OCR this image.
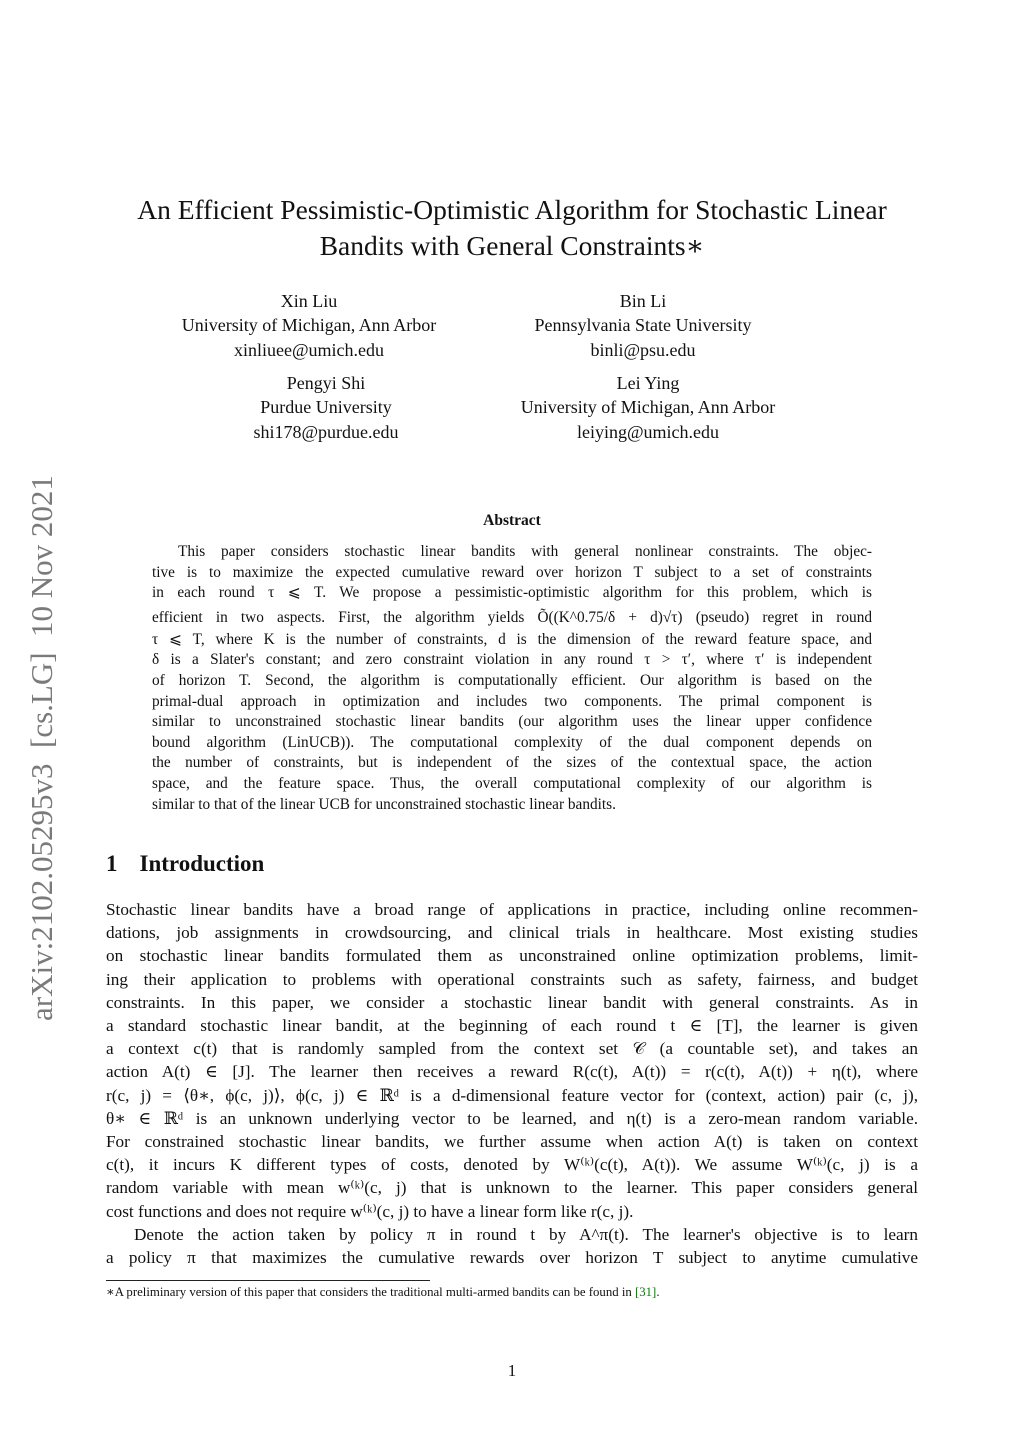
arXiv:2102.05295v3  [cs.LG]  10 Nov 2021
An Efficient Pessimistic-Optimistic Algorithm for Stochastic Linear
Bandits with General Constraints∗
Xin Liu
University of Michigan, Ann Arbor
xinliuee@umich.edu
Bin Li
Pennsylvania State University
binli@psu.edu
Pengyi Shi
Purdue University
shi178@purdue.edu
Lei Ying
University of Michigan, Ann Arbor
leiying@umich.edu
Abstract
This paper considers stochastic linear bandits with general nonlinear constraints. The objec-
tive is to maximize the expected cumulative reward over horizon T subject to a set of constraints
in each round τ ⩽ T. We propose a pessimistic-optimistic algorithm for this problem, which is
efficient in two aspects. First, the algorithm yields Õ((K^0.75/δ + d)√τ) (pseudo) regret in round
τ ⩽ T, where K is the number of constraints, d is the dimension of the reward feature space, and
δ is a Slater's constant; and zero constraint violation in any round τ > τ′, where τ′ is independent
of horizon T. Second, the algorithm is computationally efficient. Our algorithm is based on the
primal-dual approach in optimization and includes two components. The primal component is
similar to unconstrained stochastic linear bandits (our algorithm uses the linear upper confidence
bound algorithm (LinUCB)). The computational complexity of the dual component depends on
the number of constraints, but is independent of the sizes of the contextual space, the action
space, and the feature space. Thus, the overall computational complexity of our algorithm is
similar to that of the linear UCB for unconstrained stochastic linear bandits.
1 Introduction
Stochastic linear bandits have a broad range of applications in practice, including online recommen-
dations, job assignments in crowdsourcing, and clinical trials in healthcare. Most existing studies
on stochastic linear bandits formulated them as unconstrained online optimization problems, limit-
ing their application to problems with operational constraints such as safety, fairness, and budget
constraints. In this paper, we consider a stochastic linear bandit with general constraints. As in
a standard stochastic linear bandit, at the beginning of each round t ∈ [T], the learner is given
a context c(t) that is randomly sampled from the context set 𝒞 (a countable set), and takes an
action A(t) ∈ [J]. The learner then receives a reward R(c(t), A(t)) = r(c(t), A(t)) + η(t), where
r(c, j) = ⟨θ∗, ϕ(c, j)⟩, ϕ(c, j) ∈ ℝᵈ is a d-dimensional feature vector for (context, action) pair (c, j),
θ∗ ∈ ℝᵈ is an unknown underlying vector to be learned, and η(t) is a zero-mean random variable.
For constrained stochastic linear bandits, we further assume when action A(t) is taken on context
c(t), it incurs K different types of costs, denoted by W⁽ᵏ⁾(c(t), A(t)). We assume W⁽ᵏ⁾(c, j) is a
random variable with mean w⁽ᵏ⁾(c, j) that is unknown to the learner. This paper considers general
cost functions and does not require w⁽ᵏ⁾(c, j) to have a linear form like r(c, j).
Denote the action taken by policy π in round t by A^π(t). The learner's objective is to learn
a policy π that maximizes the cumulative rewards over horizon T subject to anytime cumulative
∗A preliminary version of this paper that considers the traditional multi-armed bandits can be found in [31].
1
